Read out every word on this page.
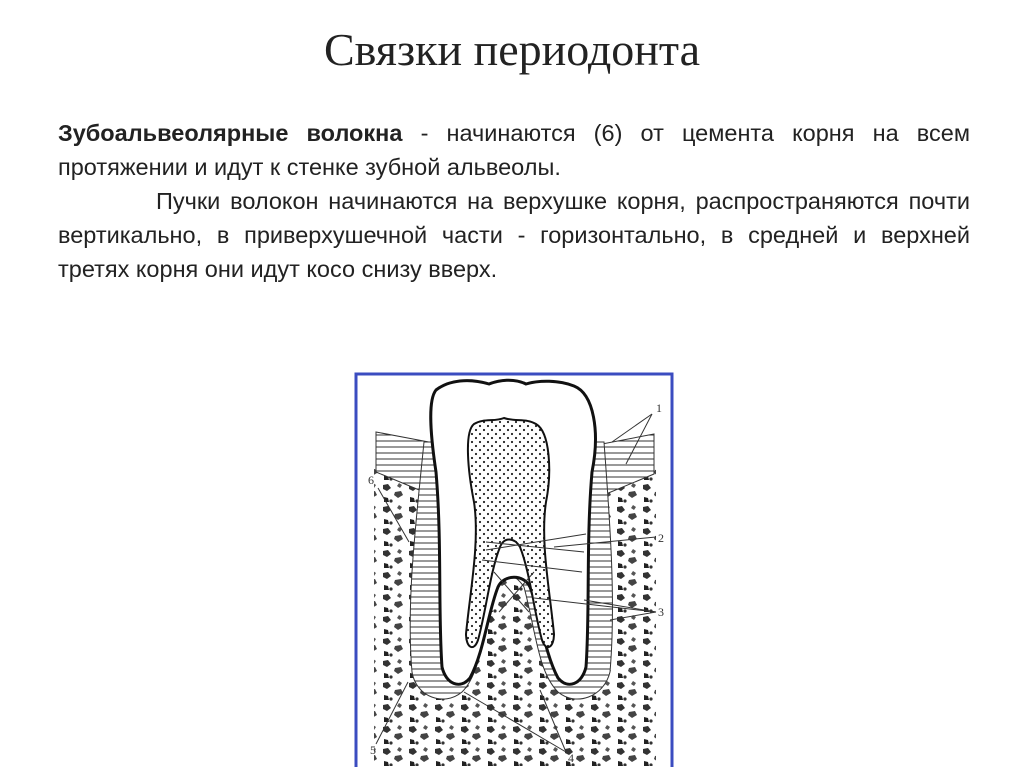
Связки периодонта

Зубоальвеолярные волокна - начинаются (6) от цемента корня на всем протяжении и идут к стенке зубной альвеолы.

Пучки волокон начинаются на верхушке корня, распространяются почти вертикально, в приверхушечной части - горизонтально, в средней и верхней третях корня они идут косо снизу вверх.

1
2
3
4
5
6
